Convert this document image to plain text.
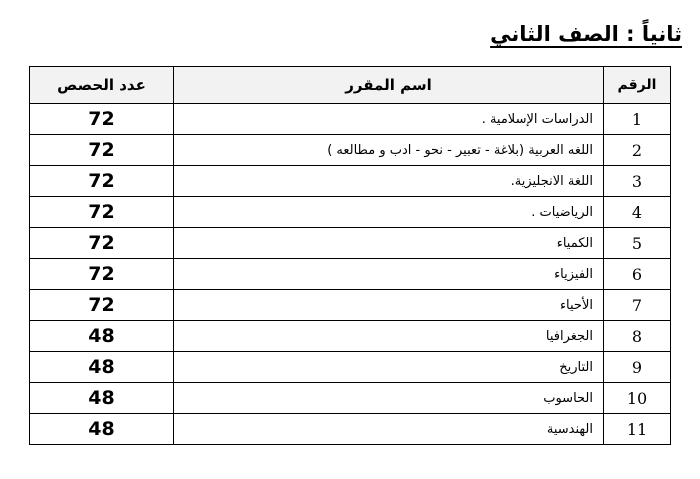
ثانياً : الصف الثاني
الرقم	اسم المقرر	عدد الحصص
1	الدراسات الإسلامية .	72
2	اللغه العربية (بلاغة - تعبير - نحو - ادب و مطالعه )	72
3	اللغة الانجليزية.	72
4	الرياضيات .	72
5	الكمياء	72
6	الفيزياء	72
7	الأحياء	72
8	الجغرافيا	48
9	التاريخ	48
10	الحاسوب	48
11	الهندسية	48
